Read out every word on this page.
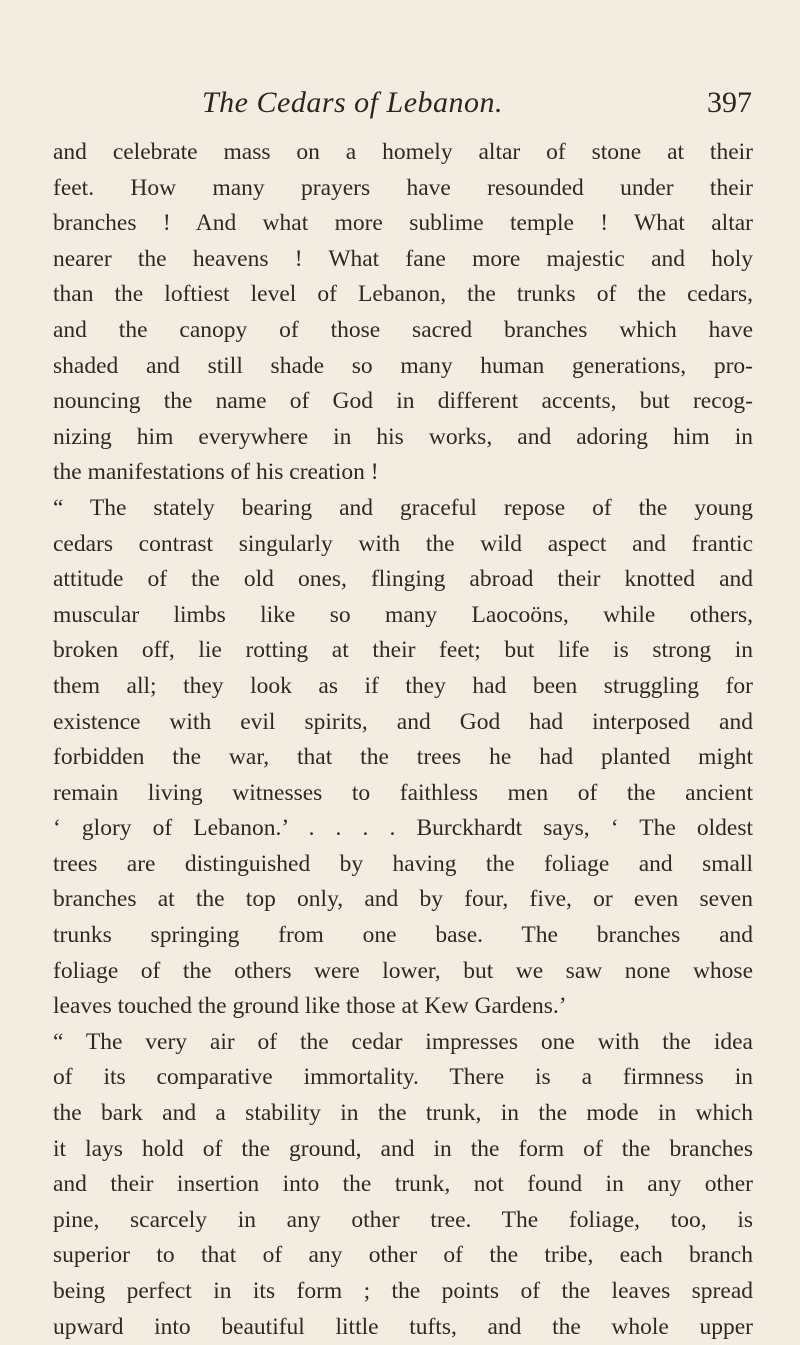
The Cedars of Lebanon.	397
and celebrate mass on a homely altar of stone at their
feet. How many prayers have resounded under their
branches ! And what more sublime temple ! What altar
nearer the heavens ! What fane more majestic and holy
than the loftiest level of Lebanon, the trunks of the cedars,
and the canopy of those sacred branches which have
shaded and still shade so many human generations, pro-
nouncing the name of God in different accents, but recog-
nizing him everywhere in his works, and adoring him in
the manifestations of his creation !
“ The stately bearing and graceful repose of the young
cedars contrast singularly with the wild aspect and frantic
attitude of the old ones, flinging abroad their knotted and
muscular limbs like so many Laocoöns, while others,
broken off, lie rotting at their feet; but life is strong in
them all; they look as if they had been struggling for
existence with evil spirits, and God had interposed and
forbidden the war, that the trees he had planted might
remain living witnesses to faithless men of the ancient
‘ glory of Lebanon.’ . . . . Burckhardt says, ‘ The oldest
trees are distinguished by having the foliage and small
branches at the top only, and by four, five, or even seven
trunks springing from one base. The branches and
foliage of the others were lower, but we saw none whose
leaves touched the ground like those at Kew Gardens.’
“ The very air of the cedar impresses one with the idea
of its comparative immortality. There is a firmness in
the bark and a stability in the trunk, in the mode in which
it lays hold of the ground, and in the form of the branches
and their insertion into the trunk, not found in any other
pine, scarcely in any other tree. The foliage, too, is
superior to that of any other of the tribe, each branch
being perfect in its form ; the points of the leaves spread
upward into beautiful little tufts, and the whole upper
